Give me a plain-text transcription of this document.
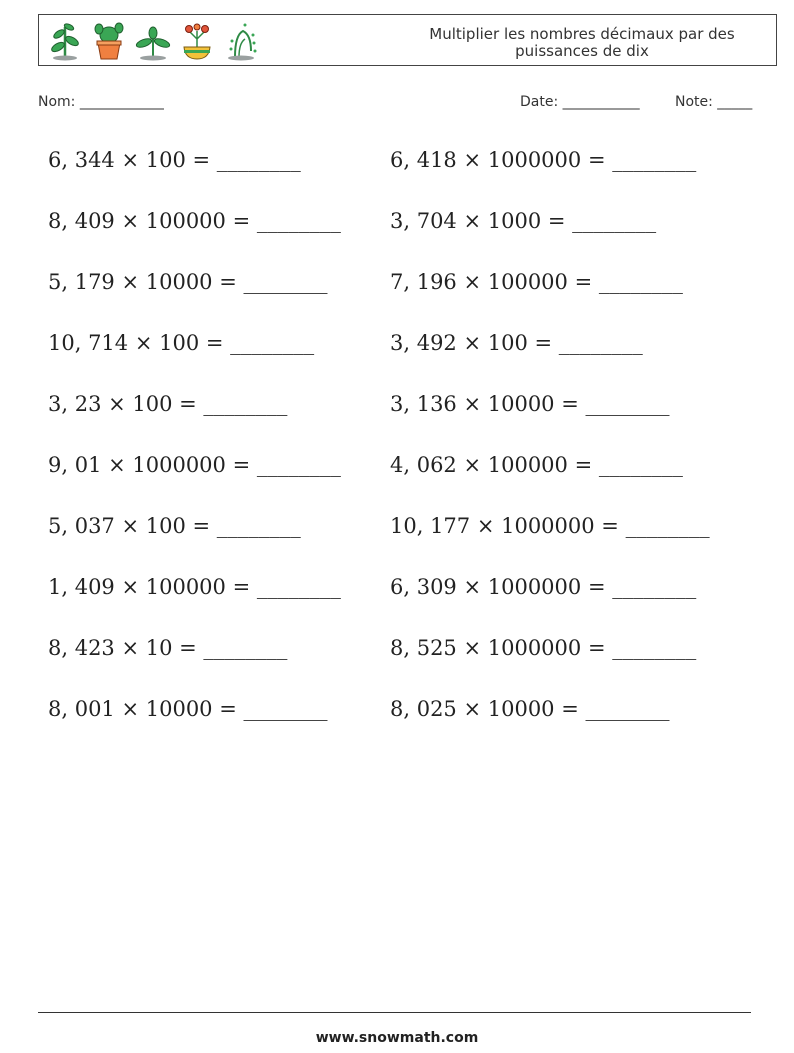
Multiplier les nombres décimaux par des puissances de dix
Nom: ____________	Date: ___________	Note: _____
6, 344 × 100 = ________	6, 418 × 1000000 = ________
8, 409 × 100000 = ________ 3, 704 × 1000 = ________
5, 179 × 10000 = ________	7, 196 × 100000 = ________
10, 714 × 100 = ________	3, 492 × 100 = ________
3, 23 × 100 = ________	3, 136 × 10000 = ________
9, 01 × 1000000 = ________ 4, 062 × 100000 = ________
5, 037 × 100 = ________	10, 177 × 1000000 = ________
1, 409 × 100000 = ________ 6, 309 × 1000000 = ________
8, 423 × 10 = ________	8, 525 × 1000000 = ________
8, 001 × 10000 = ________	8, 025 × 10000 = ________
www.snowmath.com
